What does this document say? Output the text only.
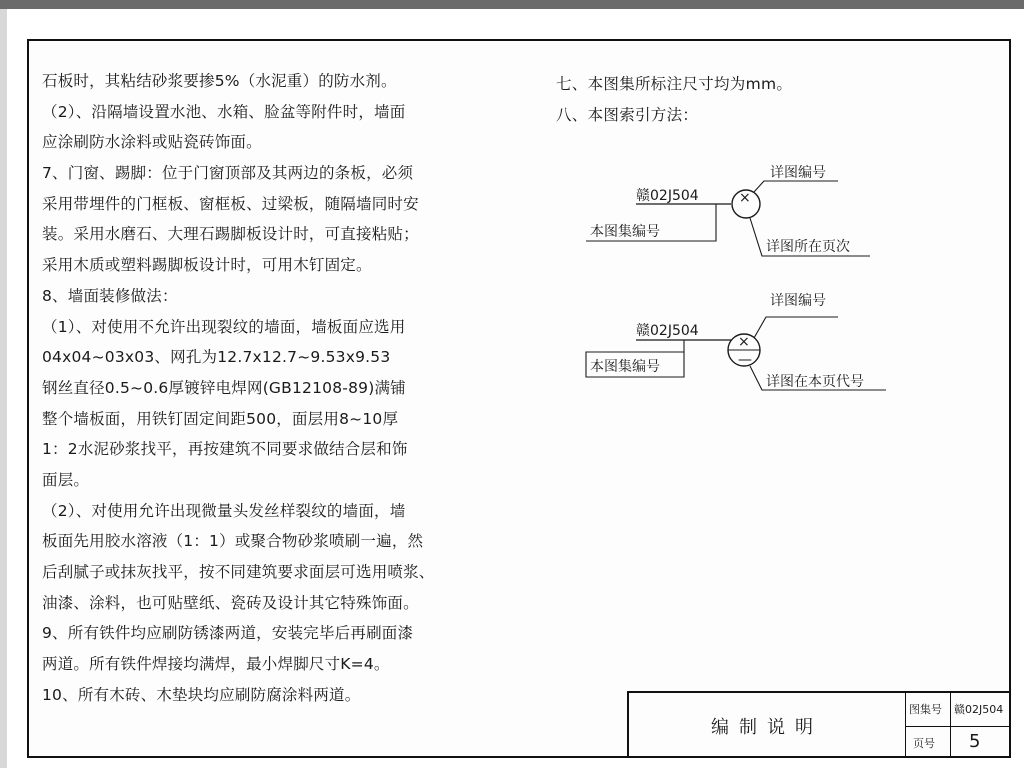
石板时，其粘结砂浆要掺5%（水泥重）的防水剂。
（2）、沿隔墙设置水池、水箱、脸盆等附件时，墙面
应涂刷防水涂料或贴瓷砖饰面。
7、门窗、踢脚：位于门窗顶部及其两边的条板，必须
采用带埋件的门框板、窗框板、过梁板，随隔墙同时安
装。采用水磨石、大理石踢脚板设计时，可直接粘贴；
采用木质或塑料踢脚板设计时，可用木钉固定。
8、墙面装修做法：
（1）、对使用不允许出现裂纹的墙面，墙板面应选用
04x04~03x03、网孔为12.7x12.7~9.53x9.53
钢丝直径0.5~0.6厚镀锌电焊网(GB12108-89)满铺
整个墙板面，用铁钉固定间距500，面层用8~10厚
1：2水泥砂浆找平，再按建筑不同要求做结合层和饰
面层。
（2）、对使用允许出现微量头发丝样裂纹的墙面，墙
板面先用胶水溶液（1：1）或聚合物砂浆喷刷一遍，然
后刮腻子或抹灰找平，按不同建筑要求面层可选用喷浆、
油漆、涂料，也可贴壁纸、瓷砖及设计其它特殊饰面。
9、所有铁件均应刷防锈漆两道，安装完毕后再刷面漆
两道。所有铁件焊接均满焊，最小焊脚尺寸K=4。
10、所有木砖、木垫块均应刷防腐涂料两道。
七、本图集所标注尺寸均为mm。
八、本图索引方法：
赣02J504	×
详图编号
本图集编号
详图所在页次
赣02J504
×
—
详图编号
本图集编号
详图在本页代号
编制说明
图集号 赣02J504
页号 5
